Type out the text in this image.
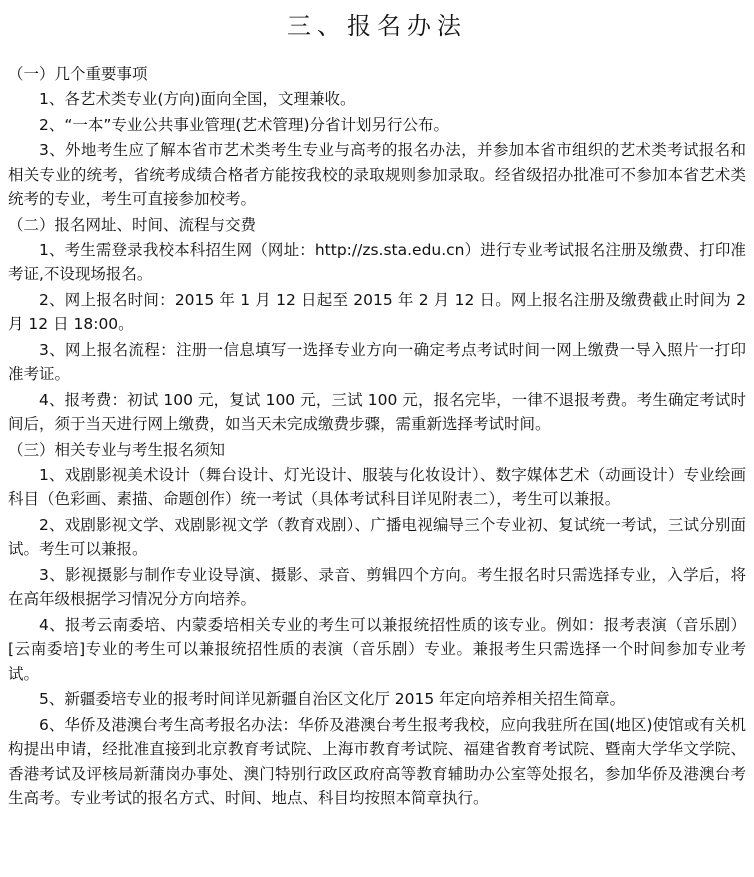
三、报名办法
（一）几个重要事项
1、各艺术类专业(方向)面向全国，文理兼收。
2、“一本”专业公共事业管理(艺术管理)分省计划另行公布。
3、外地考生应了解本省市艺术类考生专业与高考的报名办法，并参加本省市组织的艺术类考试报名和相关专业的统考，省统考成绩合格者方能按我校的录取规则参加录取。经省级招办批准可不参加本省艺术类统考的专业，考生可直接参加校考。
（二）报名网址、时间、流程与交费
1、考生需登录我校本科招生网（网址：http://zs.sta.edu.cn）进行专业考试报名注册及缴费、打印准考证,不设现场报名。
2、网上报名时间：2015 年 1 月 12 日起至 2015 年 2 月 12 日。网上报名注册及缴费截止时间为 2 月 12 日 18:00。
3、网上报名流程：注册一信息填写一选择专业方向一确定考点考试时间一网上缴费一导入照片一打印准考证。
4、报考费：初试 100 元，复试 100 元，三试 100 元，报名完毕，一律不退报考费。考生确定考试时间后，须于当天进行网上缴费，如当天未完成缴费步骤，需重新选择考试时间。
（三）相关专业与考生报名须知
1、戏剧影视美术设计（舞台设计、灯光设计、服装与化妆设计）、数字媒体艺术（动画设计）专业绘画科目（色彩画、素描、命题创作）统一考试（具体考试科目详见附表二），考生可以兼报。
2、戏剧影视文学、戏剧影视文学（教育戏剧）、广播电视编导三个专业初、复试统一考试，三试分别面试。考生可以兼报。
3、影视摄影与制作专业设导演、摄影、录音、剪辑四个方向。考生报名时只需选择专业，入学后，将在高年级根据学习情况分方向培养。
4、报考云南委培、内蒙委培相关专业的考生可以兼报统招性质的该专业。例如：报考表演（音乐剧）[云南委培]专业的考生可以兼报统招性质的表演（音乐剧）专业。兼报考生只需选择一个时间参加专业考试。
5、新疆委培专业的报考时间详见新疆自治区文化厅 2015 年定向培养相关招生简章。
6、华侨及港澳台考生高考报名办法：华侨及港澳台考生报考我校，应向我驻所在国(地区)使馆或有关机构提出申请，经批准直接到北京教育考试院、上海市教育考试院、福建省教育考试院、暨南大学华文学院、香港考试及评核局新蒲岗办事处、澳门特别行政区政府高等教育辅助办公室等处报名，参加华侨及港澳台考生高考。专业考试的报名方式、时间、地点、科目均按照本简章执行。
